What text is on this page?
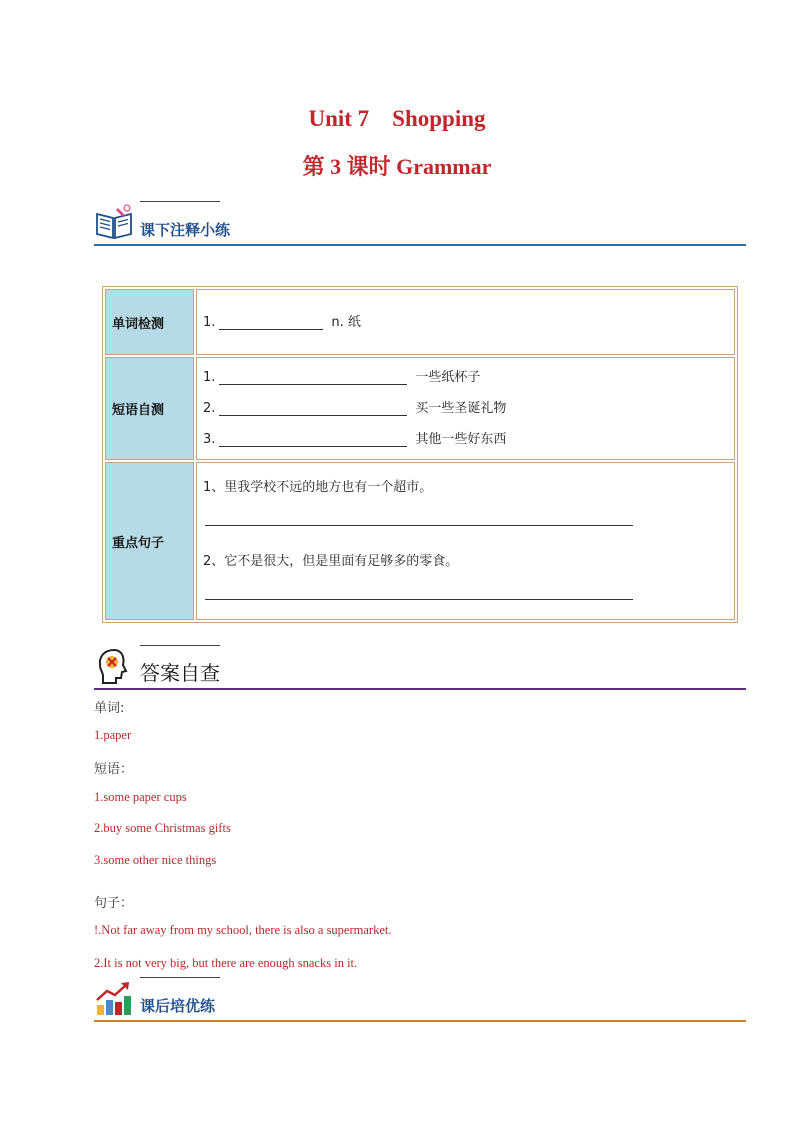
Unit 7　Shopping
第 3 课时 Grammar
课下注释小练
单词检测	1. n. 纸

短语自测	1. 一些纸杯子
2. 买一些圣诞礼物
3. 其他一些好东西

重点句子	1、里我学校不远的地方也有一个超市。
2、它不是很大，但是里面有足够多的零食。
答案自查
单词:
1.paper
短语：
1.some paper cups
2.buy some Christmas gifts
3.some other nice things
句子：
!.Not far away from my school, there is also a supermarket.
2.It is not very big, but there are enough snacks in it.
课后培优练
